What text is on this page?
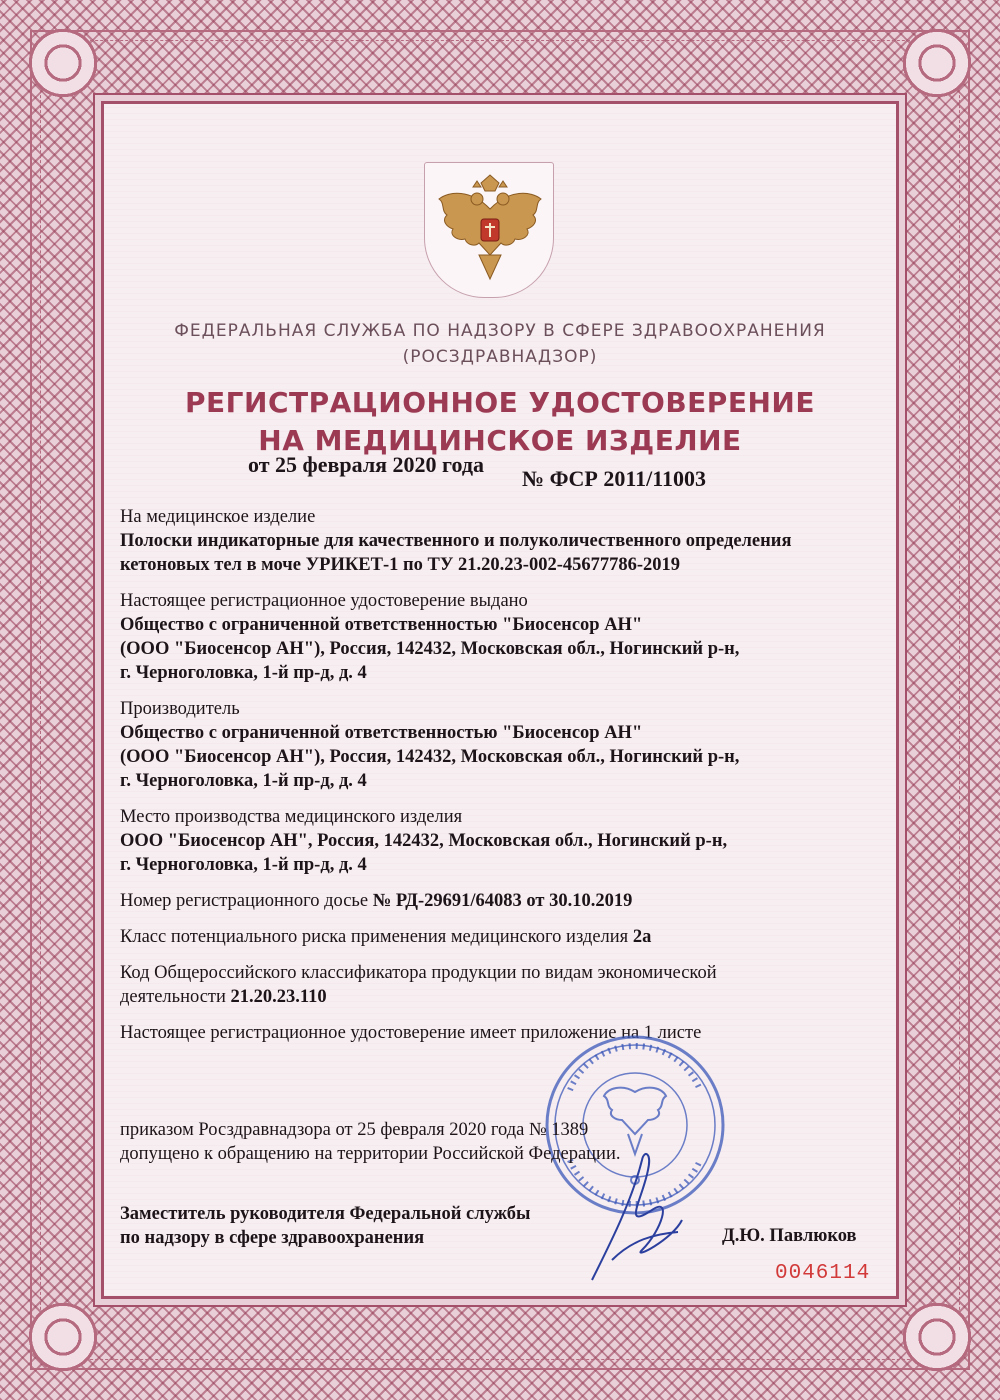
ФЕДЕРАЛЬНАЯ СЛУЖБА ПО НАДЗОРУ В СФЕРЕ ЗДРАВООХРАНЕНИЯ
(РОСЗДРАВНАДЗОР)
РЕГИСТРАЦИОННОЕ УДОСТОВЕРЕНИЕ
НА МЕДИЦИНСКОЕ ИЗДЕЛИЕ
от 25 февраля 2020 года
№ ФСР 2011/11003

На медицинское изделие

Полоски индикаторные для качественного и полуколичественного определения

кетоновых тел в моче УРИКЕТ-1 по ТУ 21.20.23-002-45677786-2019

Настоящее регистрационное удостоверение выдано

Общество с ограниченной ответственностью "Биосенсор АН"

(ООО "Биосенсор АН"), Россия, 142432, Московская обл., Ногинский р-н,

г. Черноголовка, 1-й пр-д, д. 4

Производитель

Общество с ограниченной ответственностью "Биосенсор АН"

(ООО "Биосенсор АН"), Россия, 142432, Московская обл., Ногинский р-н,

г. Черноголовка, 1-й пр-д, д. 4

Место производства медицинского изделия

ООО "Биосенсор АН", Россия, 142432, Московская обл., Ногинский р-н,

г. Черноголовка, 1-й пр-д, д. 4

Номер регистрационного досье № РД-29691/64083 от 30.10.2019

Класс потенциального риска применения медицинского изделия 2а

Код Общероссийского классификатора продукции по видам экономической

деятельности 21.20.23.110

Настоящее регистрационное удостоверение имеет приложение на 1 листе

приказом Росздравнадзора от 25 февраля 2020 года № 1389
допущено к обращению на территории Российской Федерации.
Заместитель руководителя Федеральной службы
по надзору в сфере здравоохранения	Д.Ю. Павлюков
0046114
